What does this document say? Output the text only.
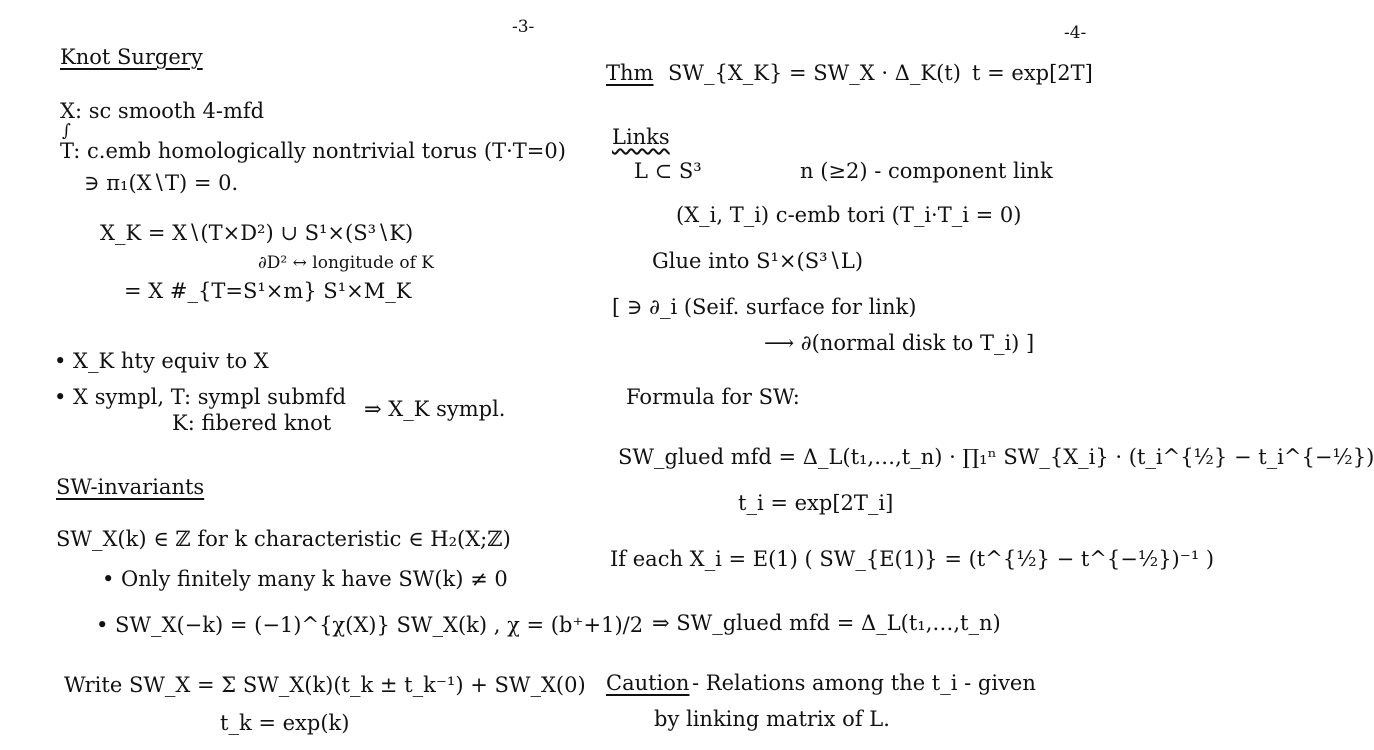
-3-
Knot Surgery
X: sc smooth 4-mfd
∫
T: c.emb homologically nontrivial torus (T·T=0)
∋ π₁(X∖T) = 0.
X_K = X∖(T×D²) ∪ S¹×(S³∖K)
∂D² ↔ longitude of K
= X #_{T=S¹×m} S¹×M_K
• X_K hty equiv to X
• X sympl, T: sympl submfd
K: fibered knot
⇒ X_K sympl.
SW-invariants
SW_X(k) ∈ ℤ for k characteristic ∈ H₂(X;ℤ)
• Only finitely many k have SW(k) ≠ 0
• SW_X(−k) = (−1)^{χ(X)} SW_X(k) , χ = (b⁺+1)/2
Write SW_X = Σ SW_X(k)(t_k ± t_k⁻¹) + SW_X(0)
t_k = exp(k)
-4-
Thm SW_{X_K} = SW_X · Δ_K(t) t = exp[2T]
Links
L ⊂ S³	n (≥2) - component link
(X_i, T_i) c-emb tori (T_i·T_i = 0)
Glue into S¹×(S³∖L)
[ ∋ ∂_i (Seif. surface for link)
⟶ ∂(normal disk to T_i) ]
Formula for SW:
SW_glued mfd = Δ_L(t₁,…,t_n) · ∏₁ⁿ SW_{X_i} · (t_i^{½} − t_i^{−½})
t_i = exp[2T_i]
If each X_i = E(1) ( SW_{E(1)} = (t^{½} − t^{−½})⁻¹ )
⇒ SW_glued mfd = Δ_L(t₁,…,t_n)
Caution - Relations among the t_i - given
by linking matrix of L.
